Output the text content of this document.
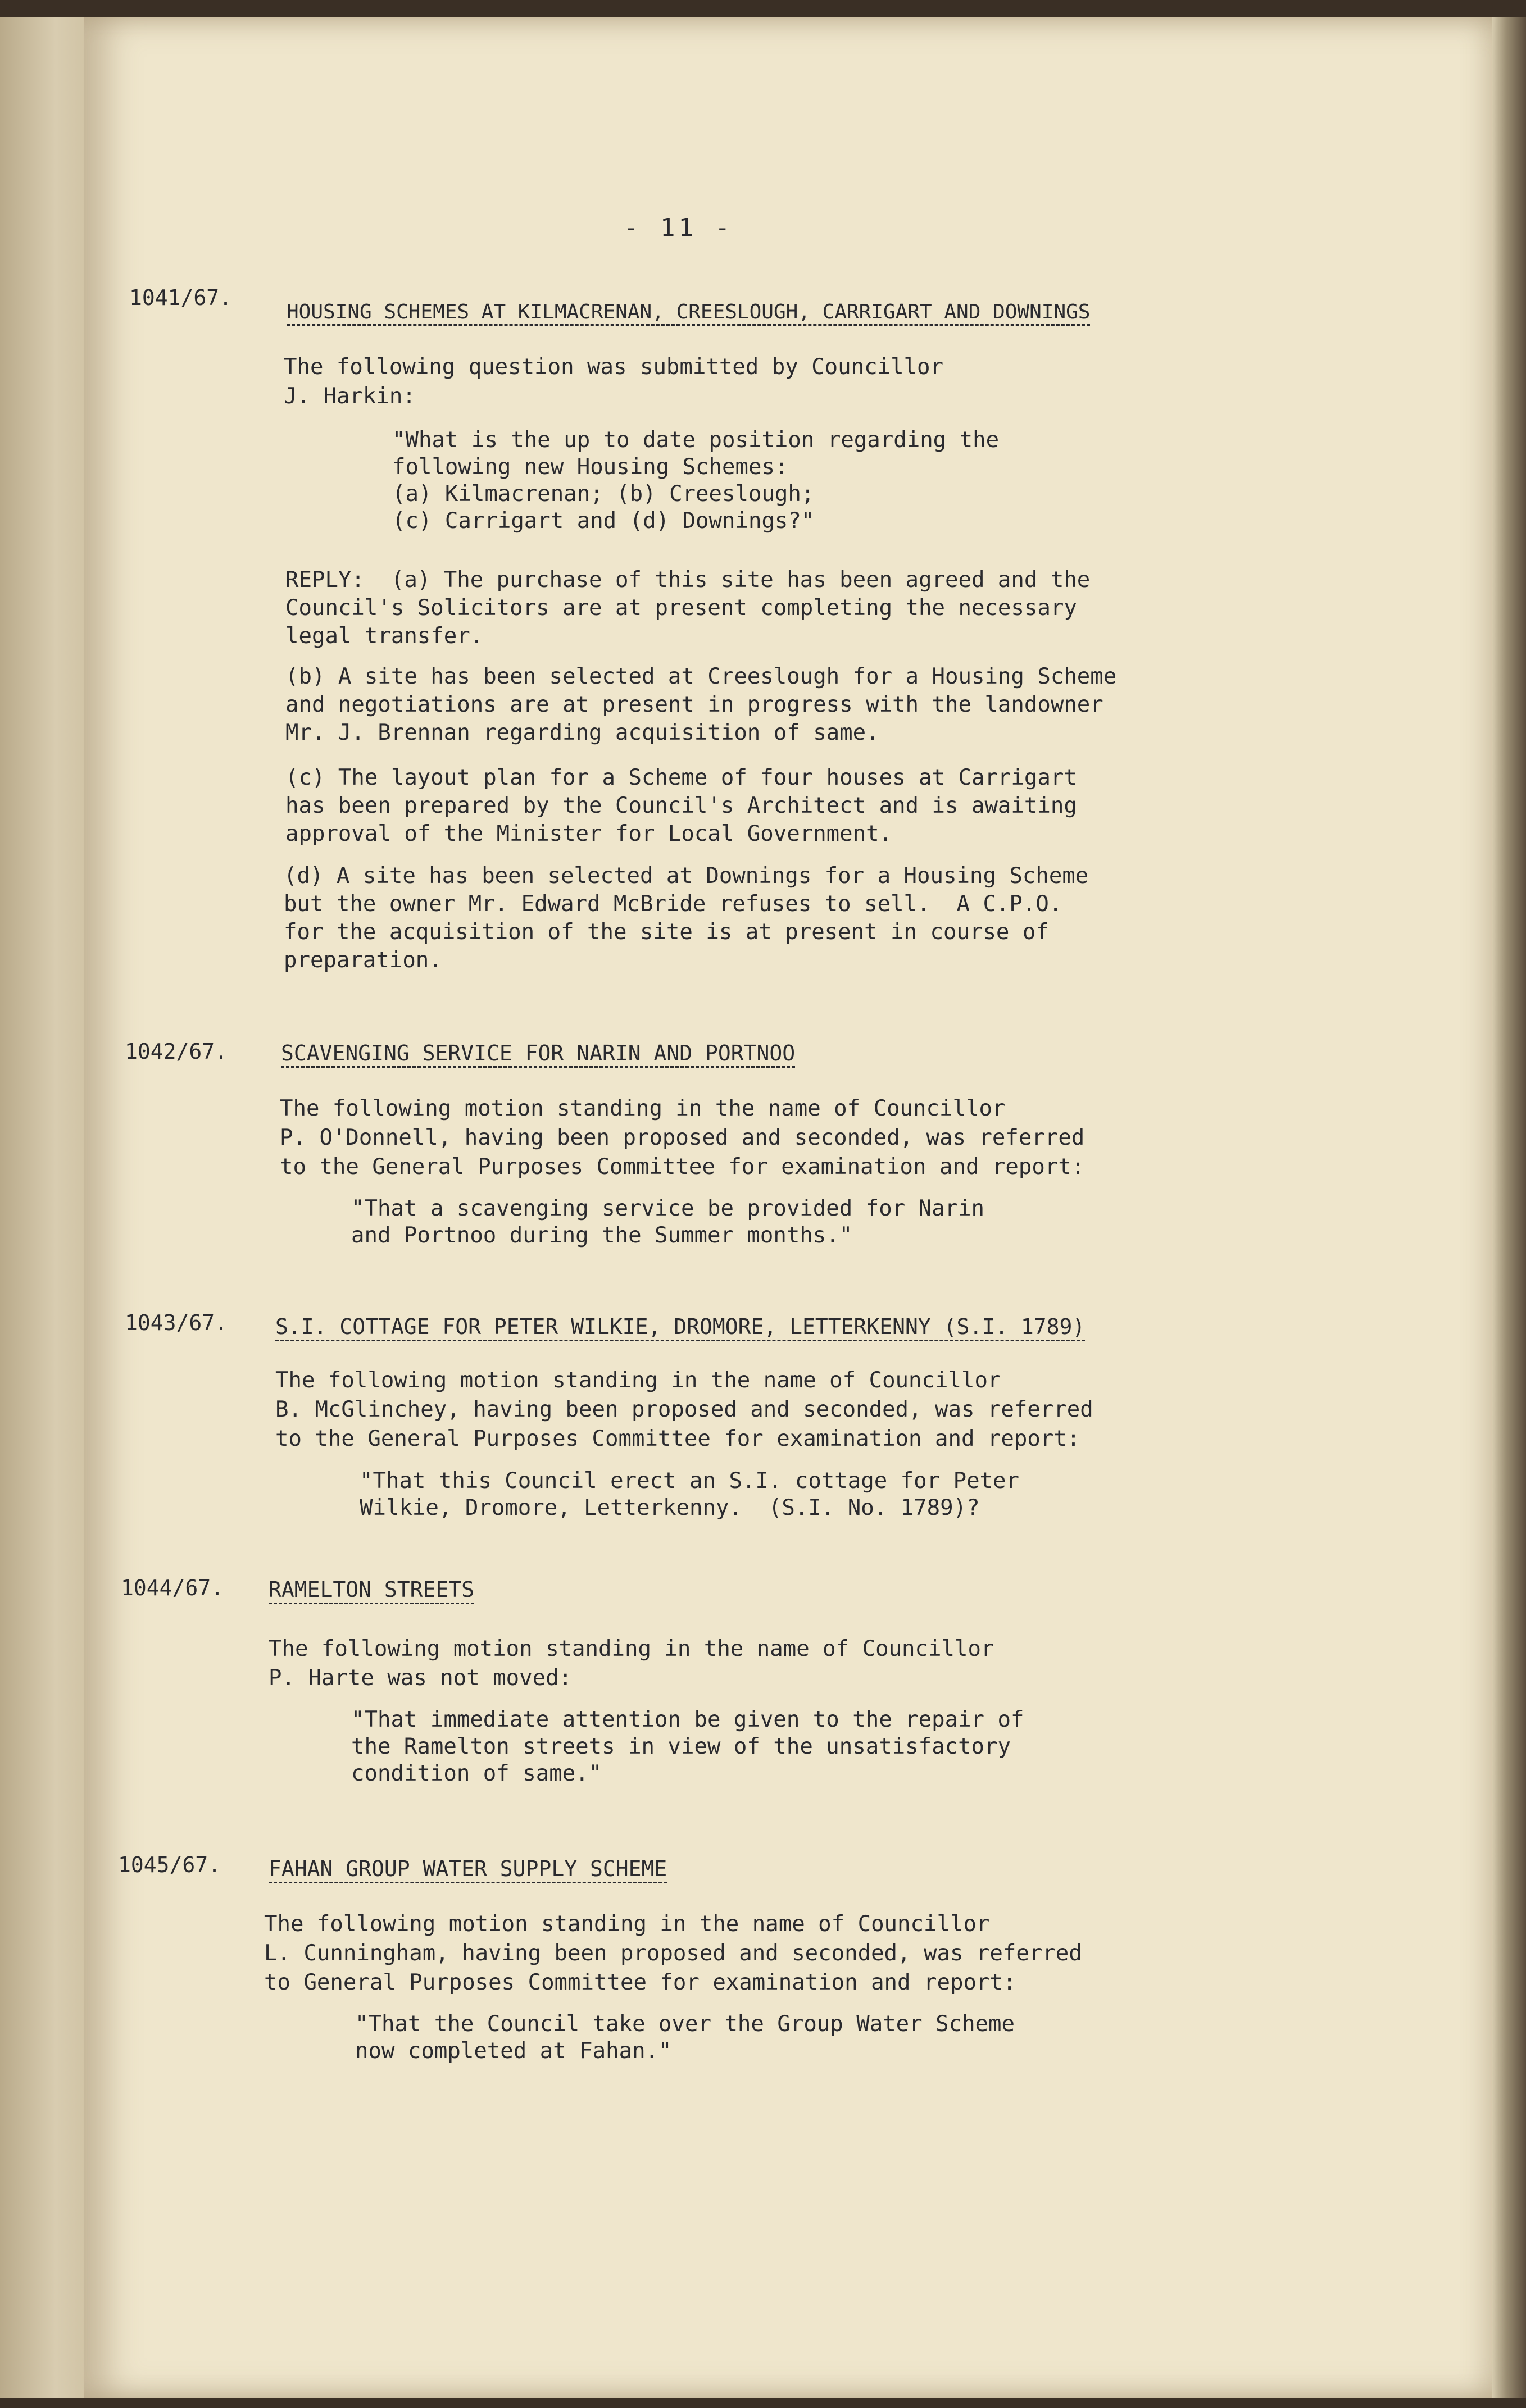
- 11 -
1041/67.
HOUSING SCHEMES AT KILMACRENAN, CREESLOUGH, CARRIGART AND DOWNINGS
The following question was submitted by Councillor
J. Harkin:
"What is the up to date position regarding the
following new Housing Schemes:
(a) Kilmacrenan; (b) Creeslough;
(c) Carrigart and (d) Downings?"
REPLY:  (a) The purchase of this site has been agreed and the
Council's Solicitors are at present completing the necessary
legal transfer.
(b) A site has been selected at Creeslough for a Housing Scheme
and negotiations are at present in progress with the landowner
Mr. J. Brennan regarding acquisition of same.
(c) The layout plan for a Scheme of four houses at Carrigart
has been prepared by the Council's Architect and is awaiting
approval of the Minister for Local Government.
(d) A site has been selected at Downings for a Housing Scheme
but the owner Mr. Edward McBride refuses to sell.  A C.P.O.
for the acquisition of the site is at present in course of
preparation.
1042/67. SCAVENGING SERVICE FOR NARIN AND PORTNOO
The following motion standing in the name of Councillor
P. O'Donnell, having been proposed and seconded, was referred
to the General Purposes Committee for examination and report:
"That a scavenging service be provided for Narin
and Portnoo during the Summer months."
1043/67. S.I. COTTAGE FOR PETER WILKIE, DROMORE, LETTERKENNY (S.I. 1789)
The following motion standing in the name of Councillor
B. McGlinchey, having been proposed and seconded, was referred
to the General Purposes Committee for examination and report:
"That this Council erect an S.I. cottage for Peter
Wilkie, Dromore, Letterkenny.  (S.I. No. 1789)?
1044/67. RAMELTON STREETS
The following motion standing in the name of Councillor
P. Harte was not moved:
"That immediate attention be given to the repair of
the Ramelton streets in view of the unsatisfactory
condition of same."
1045/67. FAHAN GROUP WATER SUPPLY SCHEME
The following motion standing in the name of Councillor
L. Cunningham, having been proposed and seconded, was referred
to General Purposes Committee for examination and report:
"That the Council take over the Group Water Scheme
now completed at Fahan."
